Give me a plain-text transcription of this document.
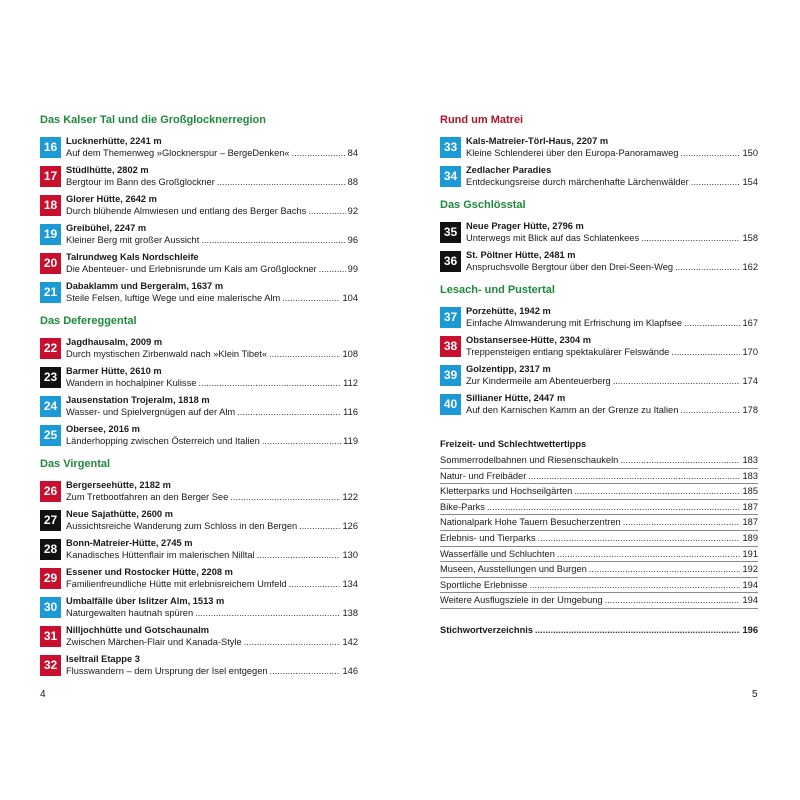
Das Kalser Tal und die Großglocknerregion
16 Lucknerhütte, 2241 m
Auf dem Themenweg »Glocknerspur – BergeDenken« .....	84
17 Stüdlhütte, 2802 m
Bergtour im Bann des Großglockner .....	88
18 Glorer Hütte, 2642 m
Durch blühende Almwiesen und entlang des Berger Bachs .....	92
19 Greibühel, 2247 m
Kleiner Berg mit großer Aussicht .....	96
20 Talrundweg Kals Nordschleife
Die Abenteuer- und Erlebnisrunde um Kals am Großglockner .....	99
21 Dabaklamm und Bergeralm, 1637 m
Steile Felsen, luftige Wege und eine malerische Alm .....	104
Das Defereggental
22 Jagdhausalm, 2009 m
Durch mystischen Zirbenwald nach »Klein Tibet« .....	108
23 Barmer Hütte, 2610 m
Wandern in hochalpiner Kulisse .....	112
24 Jausenstation Trojeralm, 1818 m
Wasser- und Spielvergnügen auf der Alm .....	116
25 Obersee, 2016 m
Länderhopping zwischen Österreich und Italien .....	119
Das Virgental
26 Bergerseehütte, 2182 m
Zum Tretbootfahren an den Berger See .....	122
27 Neue Sajathütte, 2600 m
Aussichtsreiche Wanderung zum Schloss in den Bergen .....	126
28 Bonn-Matreier-Hütte, 2745 m
Kanadisches Hüttenflair im malerischen Nilltal .....	130
29 Essener und Rostocker Hütte, 2208 m
Familienfreundliche Hütte mit erlebnisreichem Umfeld .....	134
30 Umbalfälle über Islitzer Alm, 1513 m
Naturgewalten hautnah spüren .....	138
31 Nilljochhütte und Gotschaunalm
Zwischen Märchen-Flair und Kanada-Style .....	142
32 Iseltrail Etappe 3
Flusswandern – dem Ursprung der Isel entgegen .....	146
Rund um Matrei
33 Kals-Matreier-Törl-Haus, 2207 m
Kleine Schlenderei über den Europa-Panoramaweg .....	150
34 Zedlacher Paradies
Entdeckungsreise durch märchenhafte Lärchenwälder .....	154
Das Gschlösstal
35 Neue Prager Hütte, 2796 m
Unterwegs mit Blick auf das Schlatenkees .....	158
36 St. Pöltner Hütte, 2481 m
Anspruchsvolle Bergtour über den Drei-Seen-Weg .....	162
Lesach- und Pustertal
37 Porzehütte, 1942 m
Einfache Almwanderung mit Erfrischung im Klapfsee .....	167
38 Obstansersee-Hütte, 2304 m
Treppensteigen entlang spektakulärer Felswände .....	170
39 Golzentipp, 2317 m
Zur Kindermeile am Abenteuerberg .....	174
40 Sillianer Hütte, 2447 m
Auf den Karnischen Kamm an der Grenze zu Italien .....	178
Freizeit- und Schlechtwettertipps
Sommerrodelbahnen und Riesenschaukeln .....	183
Natur- und Freibäder .....	183
Kletterparks und Hochseilgärten .....	185
Bike-Parks .....	187
Nationalpark Hohe Tauern Besucherzentren .....	187
Erlebnis- und Tierparks .....	189
Wasserfälle und Schluchten .....	191
Museen, Ausstellungen und Burgen .....	192
Sportliche Erlebnisse .....	194
Weitere Ausflugsziele in der Umgebung .....	194
Stichwortverzeichnis .....	196
4	5
